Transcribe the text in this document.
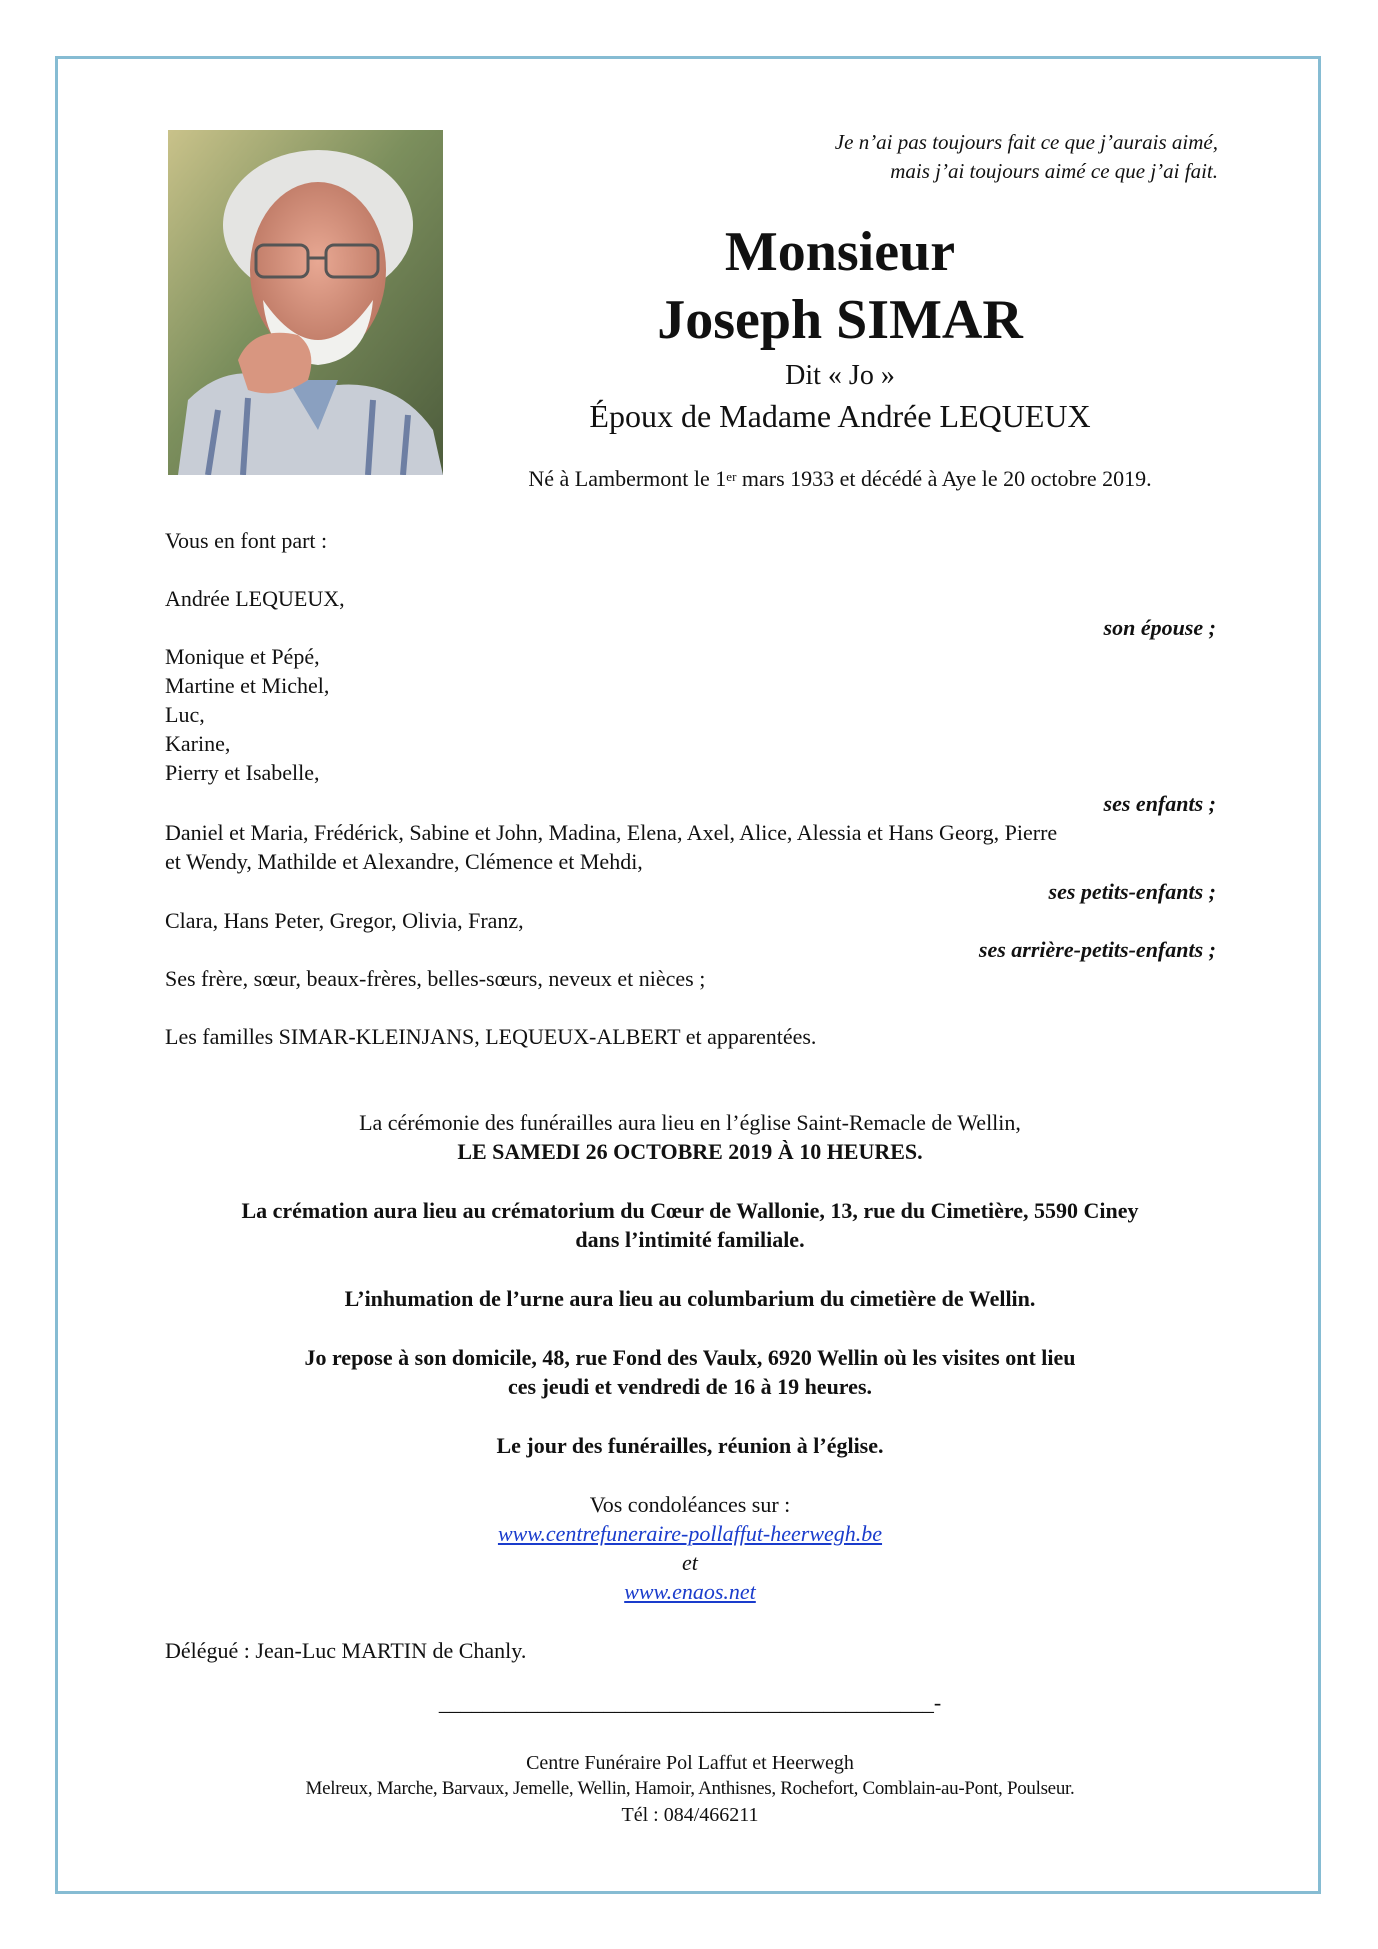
Je n’ai pas toujours fait ce que j’aurais aimé,
mais j’ai toujours aimé ce que j’ai fait.
Monsieur
Joseph SIMAR
Dit « Jo »
Époux de Madame Andrée LEQUEUX
Né à Lambermont le 1er mars 1933 et décédé à Aye le 20 octobre 2019.
Vous en font part :
Andrée LEQUEUX,
son épouse ;
Monique et Pépé,
Martine et Michel,
Luc,
Karine,
Pierry et Isabelle,
ses enfants ;
Daniel et Maria, Frédérick, Sabine et John, Madina, Elena, Axel, Alice, Alessia et Hans Georg, Pierre
et Wendy, Mathilde et Alexandre, Clémence et Mehdi,
ses petits-enfants ;
Clara, Hans Peter, Gregor, Olivia, Franz,
ses arrière-petits-enfants ;
Ses frère, sœur, beaux-frères, belles-sœurs, neveux et nièces ;
Les familles SIMAR-KLEINJANS, LEQUEUX-ALBERT et apparentées.
La cérémonie des funérailles aura lieu en l’église Saint-Remacle de Wellin,
LE SAMEDI 26 OCTOBRE 2019 À 10 HEURES.
La crémation aura lieu au crématorium du Cœur de Wallonie, 13, rue du Cimetière, 5590 Ciney
dans l’intimité familiale.
L’inhumation de l’urne aura lieu au columbarium du cimetière de Wellin.
Jo repose à son domicile, 48, rue Fond des Vaulx, 6920 Wellin où les visites ont lieu
ces jeudi et vendredi de 16 à 19 heures.
Le jour des funérailles, réunion à l’église.
Vos condoléances sur :
www.centrefuneraire-pollaffut-heerwegh.be
et
www.enaos.net
Délégué : Jean-Luc MARTIN de Chanly.
_____________________________________________-
Centre Funéraire Pol Laffut et Heerwegh
Melreux, Marche, Barvaux, Jemelle, Wellin, Hamoir, Anthisnes, Rochefort, Comblain-au-Pont, Poulseur.
Tél : 084/466211
